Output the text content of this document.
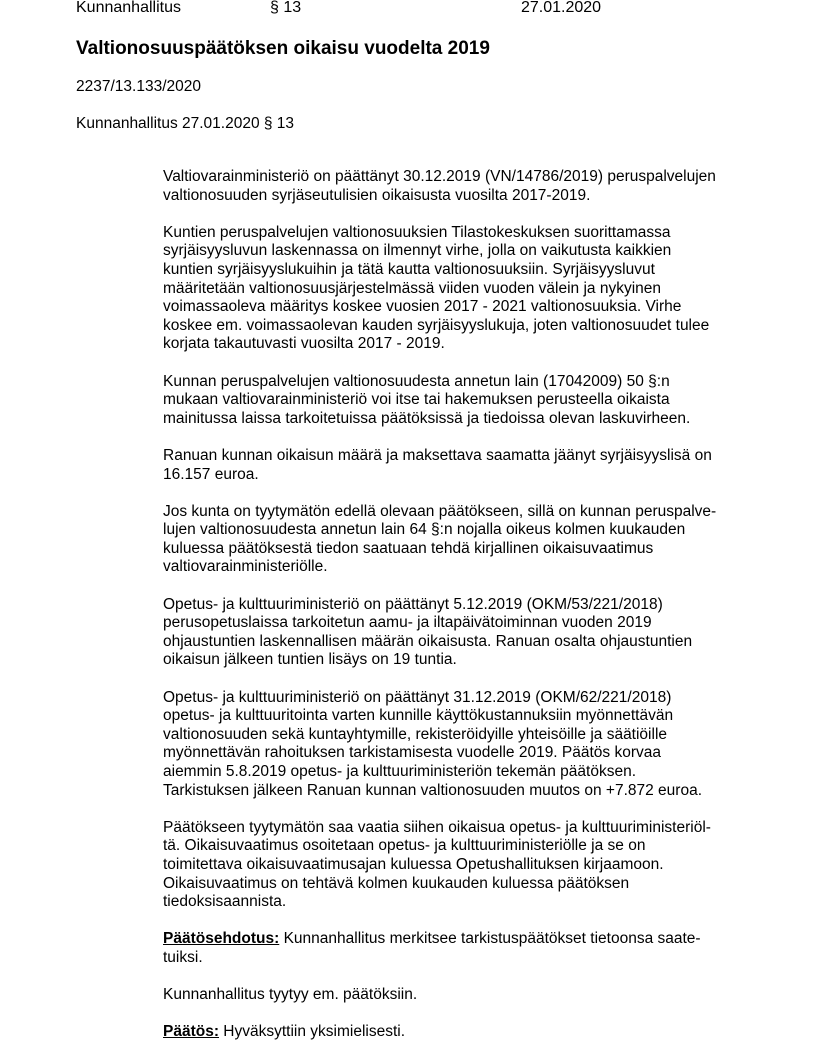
Kunnanhallitus	§ 13	27.01.2020
Valtionosuuspäätöksen oikaisu vuodelta 2019
2237/13.133/2020
Kunnanhallitus 27.01.2020 § 13

Valtiovarainministeriö on päättänyt 30.12.2019 (VN/14786/2019) peruspalvelujen
valtionosuuden syrjäseutulisien oikaisusta vuosilta 2017-2019.

Kuntien peruspalvelujen valtionosuuksien Tilastokeskuksen suorittamassa
syrjäisyysluvun laskennassa on ilmennyt virhe, jolla on vaikutusta kaikkien
kuntien syrjäisyyslukuihin ja tätä kautta valtionosuuksiin. Syrjäisyysluvut
määritetään valtionosuusjärjestelmässä viiden vuoden välein ja nykyinen
voimassaoleva määritys koskee vuosien 2017 - 2021 valtionosuuksia. Virhe
koskee em. voimassaolevan kauden syrjäisyyslukuja, joten valtionosuudet tulee
korjata takautuvasti vuosilta 2017 - 2019.

Kunnan peruspalvelujen valtionosuudesta annetun lain (17042009) 50 §:n
mukaan valtiovarainministeriö voi itse tai hakemuksen perusteella oikaista
mainitussa laissa tarkoitetuissa päätöksissä ja tiedoissa olevan laskuvirheen.

Ranuan kunnan oikaisun määrä ja maksettava saamatta jäänyt syrjäisyyslisä on
16.157 euroa.

Jos kunta on tyytymätön edellä olevaan päätökseen, sillä on kunnan peruspalve-
lujen valtionosuudesta annetun lain 64 §:n nojalla oikeus kolmen kuukauden
kuluessa päätöksestä tiedon saatuaan tehdä kirjallinen oikaisuvaatimus
valtiovarainministeriölle.

Opetus- ja kulttuuriministeriö on päättänyt 5.12.2019 (OKM/53/221/2018)
perusopetuslaissa tarkoitetun aamu- ja iltapäivätoiminnan vuoden 2019
ohjaustuntien laskennallisen määrän oikaisusta. Ranuan osalta ohjaustuntien
oikaisun jälkeen tuntien lisäys on 19 tuntia.

Opetus- ja kulttuuriministeriö on päättänyt 31.12.2019 (OKM/62/221/2018)
opetus- ja kulttuuritointa varten kunnille käyttökustannuksiin myönnettävän
valtionosuuden sekä kuntayhtymille, rekisteröidyille yhteisöille ja säätiöille
myönnettävän rahoituksen tarkistamisesta vuodelle 2019. Päätös korvaa
aiemmin 5.8.2019 opetus- ja kulttuuriministeriön tekemän päätöksen.
Tarkistuksen jälkeen Ranuan kunnan valtionosuuden muutos on +7.872 euroa.

Päätökseen tyytymätön saa vaatia siihen oikaisua opetus- ja kulttuuriministeriöl-
tä. Oikaisuvaatimus osoitetaan opetus- ja kulttuuriministeriölle ja se on
toimitettava oikaisuvaatimusajan kuluessa Opetushallituksen kirjaamoon.
Oikaisuvaatimus on tehtävä kolmen kuukauden kuluessa päätöksen
tiedoksisaannista.

Päätösehdotus: Kunnanhallitus merkitsee tarkistuspäätökset tietoonsa saate-
tuiksi.

Kunnanhallitus tyytyy em. päätöksiin.

Päätös: Hyväksyttiin yksimielisesti.
